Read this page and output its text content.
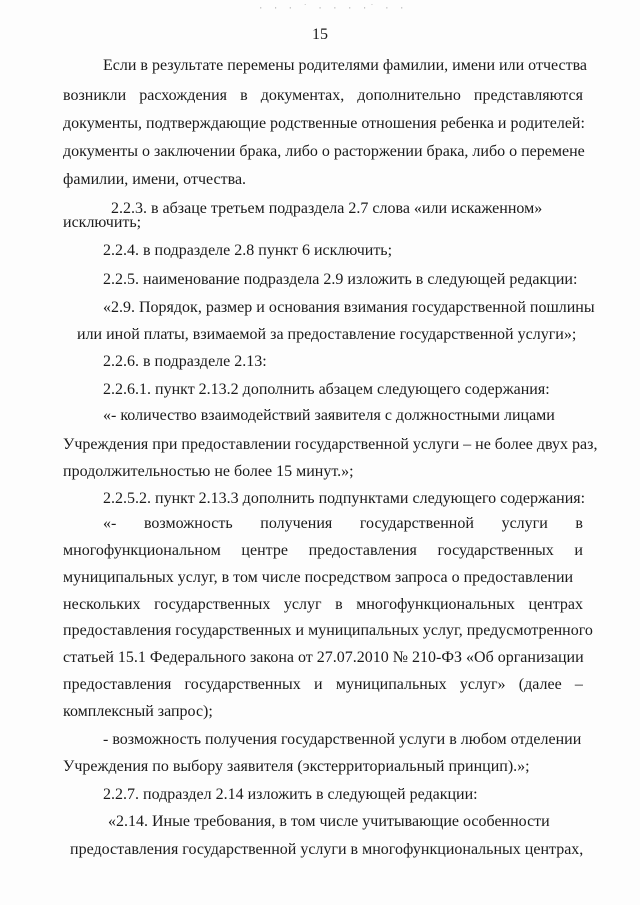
· · · ˙ · · · ·˙ · ·
15
Если в результате перемены родителями фамилии, имени или отчества
возникли расхождения в документах, дополнительно представляются
документы, подтверждающие родственные отношения ребенка и родителей:
документы о заключении брака, либо о расторжении брака, либо о перемене
фамилии, имени, отчества.
2.2.3. в абзаце третьем подраздела 2.7 слова «или искаженном»
исключить;
2.2.4. в подразделе 2.8 пункт 6 исключить;
2.2.5. наименование подраздела 2.9 изложить в следующей редакции:
«2.9. Порядок, размер и основания взимания государственной пошлины
или иной платы, взимаемой за предоставление государственной услуги»;
2.2.6. в подразделе 2.13:
2.2.6.1. пункт 2.13.2 дополнить абзацем следующего содержания:
«- количество взаимодействий заявителя с должностными лицами
Учреждения при предоставлении государственной услуги – не более двух раз,
продолжительностью не более 15 минут.»;
2.2.5.2. пункт 2.13.3 дополнить подпунктами следующего содержания:
«- возможность получения государственной услуги в
многофункциональном центре предоставления государственных и
муниципальных услуг, в том числе посредством запроса о предоставлении
нескольких государственных услуг в многофункциональных центрах
предоставления государственных и муниципальных услуг, предусмотренного
статьей 15.1 Федерального закона от 27.07.2010 № 210-ФЗ «Об организации
предоставления государственных и муниципальных услуг» (далее –
комплексный запрос);
- возможность получения государственной услуги в любом отделении
Учреждения по выбору заявителя (экстерриториальный принцип).»;
2.2.7. подраздел 2.14 изложить в следующей редакции:
«2.14. Иные требования, в том числе учитывающие особенности
предоставления государственной услуги в многофункциональных центрах,
